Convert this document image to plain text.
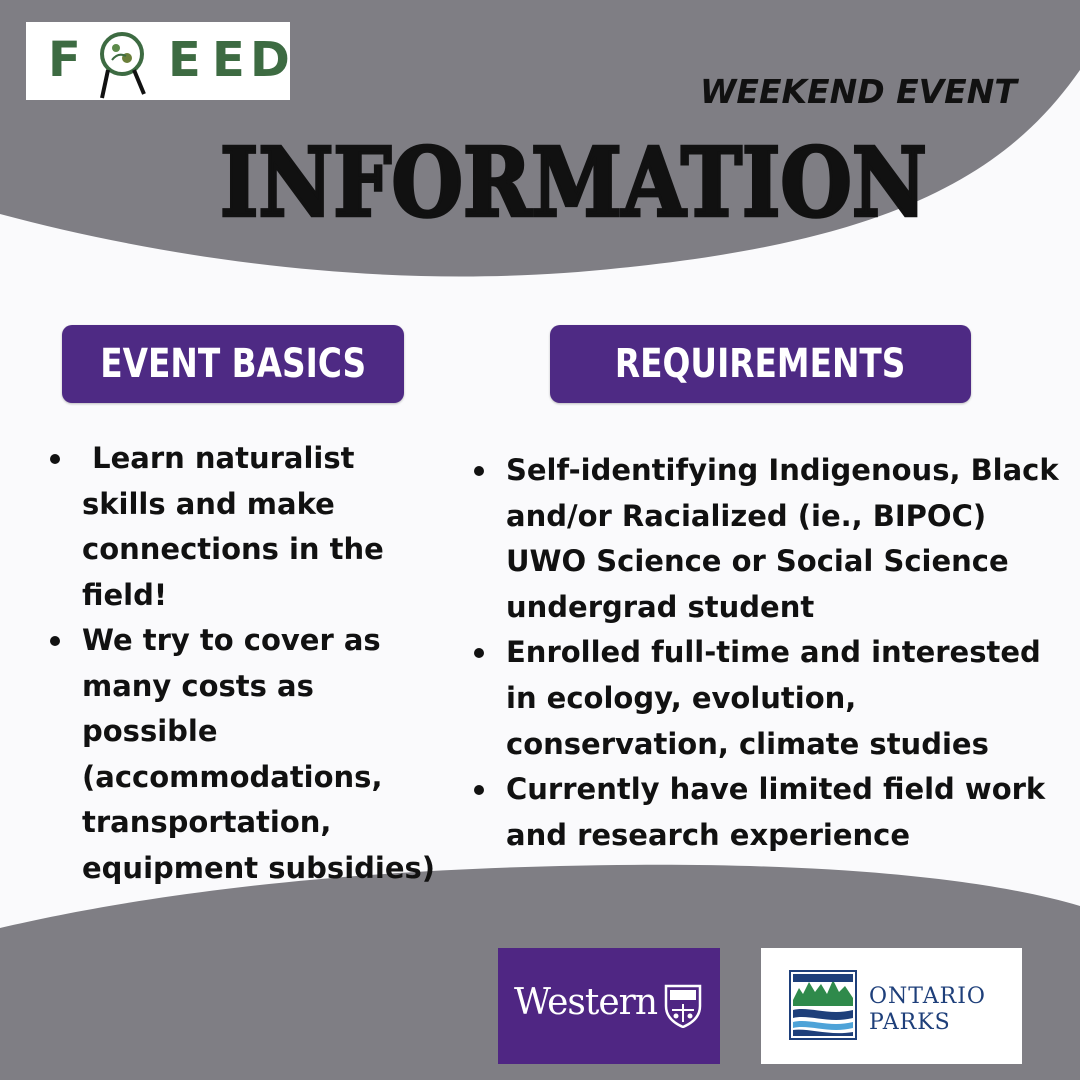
F E E D
WEEKEND EVENT
INFORMATION
EVENT BASICS	REQUIREMENTS
Learn naturalist skills and make connections in the field!
We try to cover as many costs as possible (accommodations, transportation, equipment subsidies)
Self-identifying Indigenous, Black and/or Racialized (ie., BIPOC) UWO Science or Social Science undergrad student
Enrolled full-time and interested in ecology, evolution, conservation, climate studies
Currently have limited field work and research experience
Western	ONTARIO
PARKS
